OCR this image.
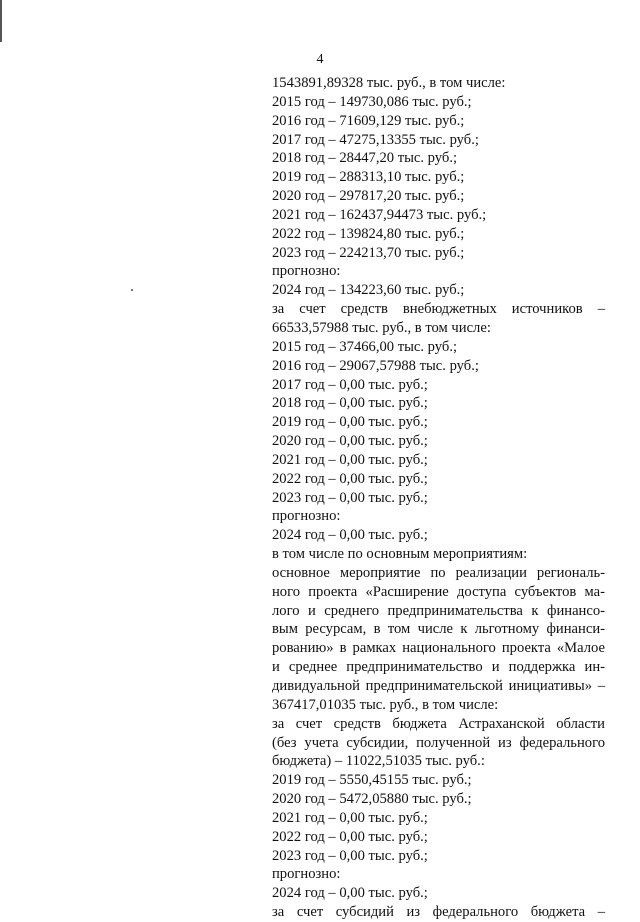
4
1543891,89328 тыс. руб., в том числе:
2015 год – 149730,086 тыс. руб.;
2016 год – 71609,129 тыс. руб.;
2017 год – 47275,13355 тыс. руб.;
2018 год – 28447,20 тыс. руб.;
2019 год – 288313,10 тыс. руб.;
2020 год – 297817,20 тыс. руб.;
2021 год – 162437,94473 тыс. руб.;
2022 год – 139824,80 тыс. руб.;
2023 год – 224213,70 тыс. руб.;
прогнозно:
2024 год – 134223,60 тыс. руб.;
за счет средств внебюджетных источников –
66533,57988 тыс. руб., в том числе:
2015 год – 37466,00 тыс. руб.;
2016 год – 29067,57988 тыс. руб.;
2017 год – 0,00 тыс. руб.;
2018 год – 0,00 тыс. руб.;
2019 год – 0,00 тыс. руб.;
2020 год – 0,00 тыс. руб.;
2021 год – 0,00 тыс. руб.;
2022 год – 0,00 тыс. руб.;
2023 год – 0,00 тыс. руб.;
прогнозно:
2024 год – 0,00 тыс. руб.;
в том числе по основным мероприятиям:
основное мероприятие по реализации региональ-
ного проекта «Расширение доступа субъектов ма-
лого и среднего предпринимательства к финансо-
вым ресурсам, в том числе к льготному финанси-
рованию» в рамках национального проекта «Малое
и среднее предпринимательство и поддержка ин-
дивидуальной предпринимательской инициативы» –
367417,01035 тыс. руб., в том числе:
за счет средств бюджета Астраханской области
(без учета субсидии, полученной из федерального
бюджета) – 11022,51035 тыс. руб.:
2019 год – 5550,45155 тыс. руб.;
2020 год – 5472,05880 тыс. руб.;
2021 год – 0,00 тыс. руб.;
2022 год – 0,00 тыс. руб.;
2023 год – 0,00 тыс. руб.;
прогнозно:
2024 год – 0,00 тыс. руб.;
за счет субсидий из федерального бюджета –
